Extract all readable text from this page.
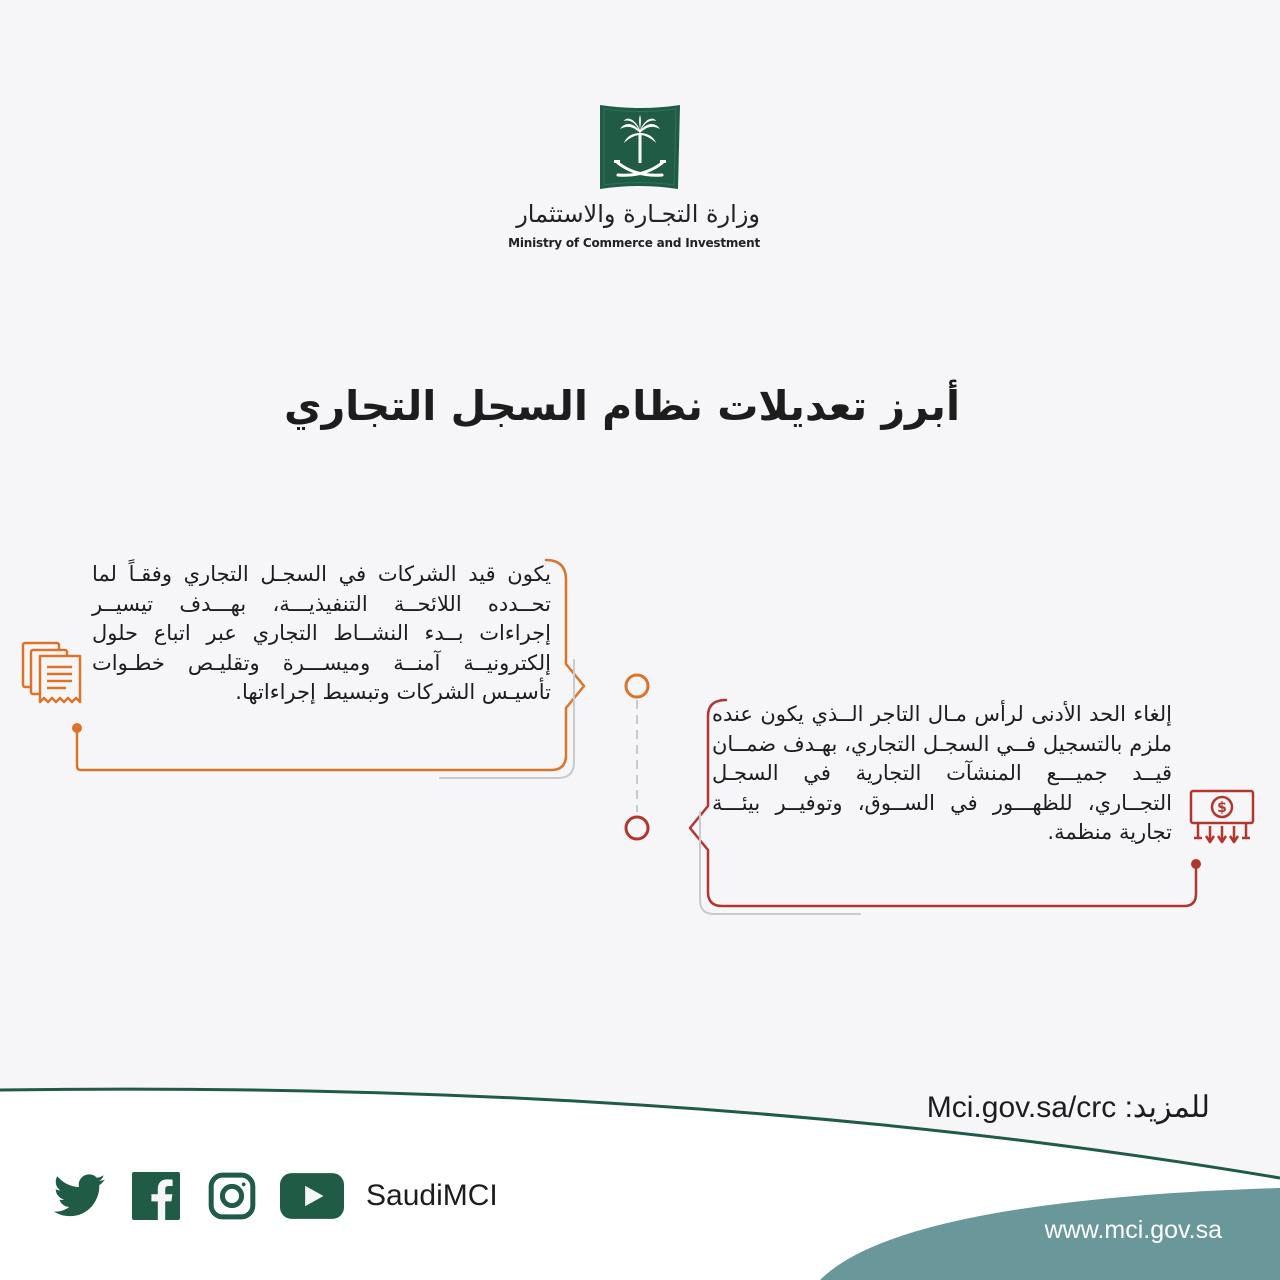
وزارة التجـارة والاستثمار
Ministry of Commerce and Investment
أبرز تعديلات نظام السجل التجاري
$
يكون قيد الشركات في السجـل التجاري وفقـاً لما تحــدده اللائحــة التنفيذيـــة، بهـــدف تيسيــر إجراءات بــدء النشــاط التجاري عبر اتباع حلول إلكترونيــة آمنــة وميســـرة وتقليـص خطـوات تأسيـس الشركات وتبسيط إجراءاتها.
إلغاء الحد الأدنى لرأس مـال التاجر الــذي يكون عنده ملزم بالتسجيل فــي السجـل التجاري، بهـدف ضمــان قيــد جميـــع المنشآت التجارية في السجـل التجــاري، للظهـــور في الســوق، وتوفيــر بيئـــة تجارية منظمة.
للمزيد: Mci.gov.sa/crc
SaudiMCI
www.mci.gov.sa
